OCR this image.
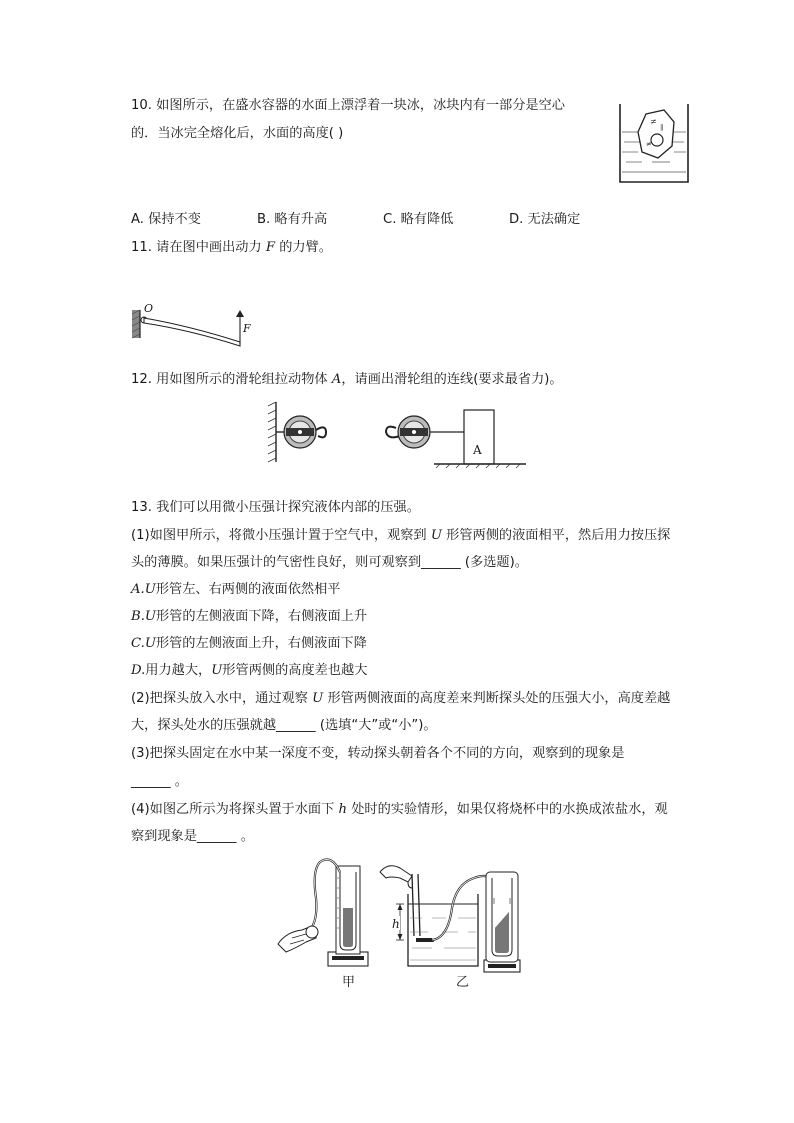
10. 如图所示，在盛水容器的水面上漂浮着一块冰，冰块内有一部分是空心
的．当冰完全熔化后，水面的高度( )
≠
∥
≠
A. 保持不变	B. 略有升高	C. 略有降低	D. 无法确定
11. 请在图中画出动力 F 的力臂。
O
F
12. 用如图所示的滑轮组拉动物体 A，请画出滑轮组的连线(要求最省力)。
A
13. 我们可以用微小压强计探究液体内部的压强。
(1)如图甲所示，将微小压强计置于空气中，观察到 U 形管两侧的液面相平，然后用力按压探
头的薄膜。如果压强计的气密性良好，则可观察到______ (多选题)。
A.U形管左、右两侧的液面依然相平
B.U形管的左侧液面下降，右侧液面上升
C.U形管的左侧液面上升，右侧液面下降
D.用力越大，U形管两侧的高度差也越大
(2)把探头放入水中，通过观察 U 形管两侧液面的高度差来判断探头处的压强大小，高度差越
大，探头处水的压强就越______ (选填“大”或“小”)。
(3)把探头固定在水中某一深度不变，转动探头朝着各个不同的方向，观察到的现象是
______ 。
(4)如图乙所示为将探头置于水面下 h 处时的实验情形，如果仅将烧杯中的水换成浓盐水，观
察到现象是______ 。
甲
h
乙
